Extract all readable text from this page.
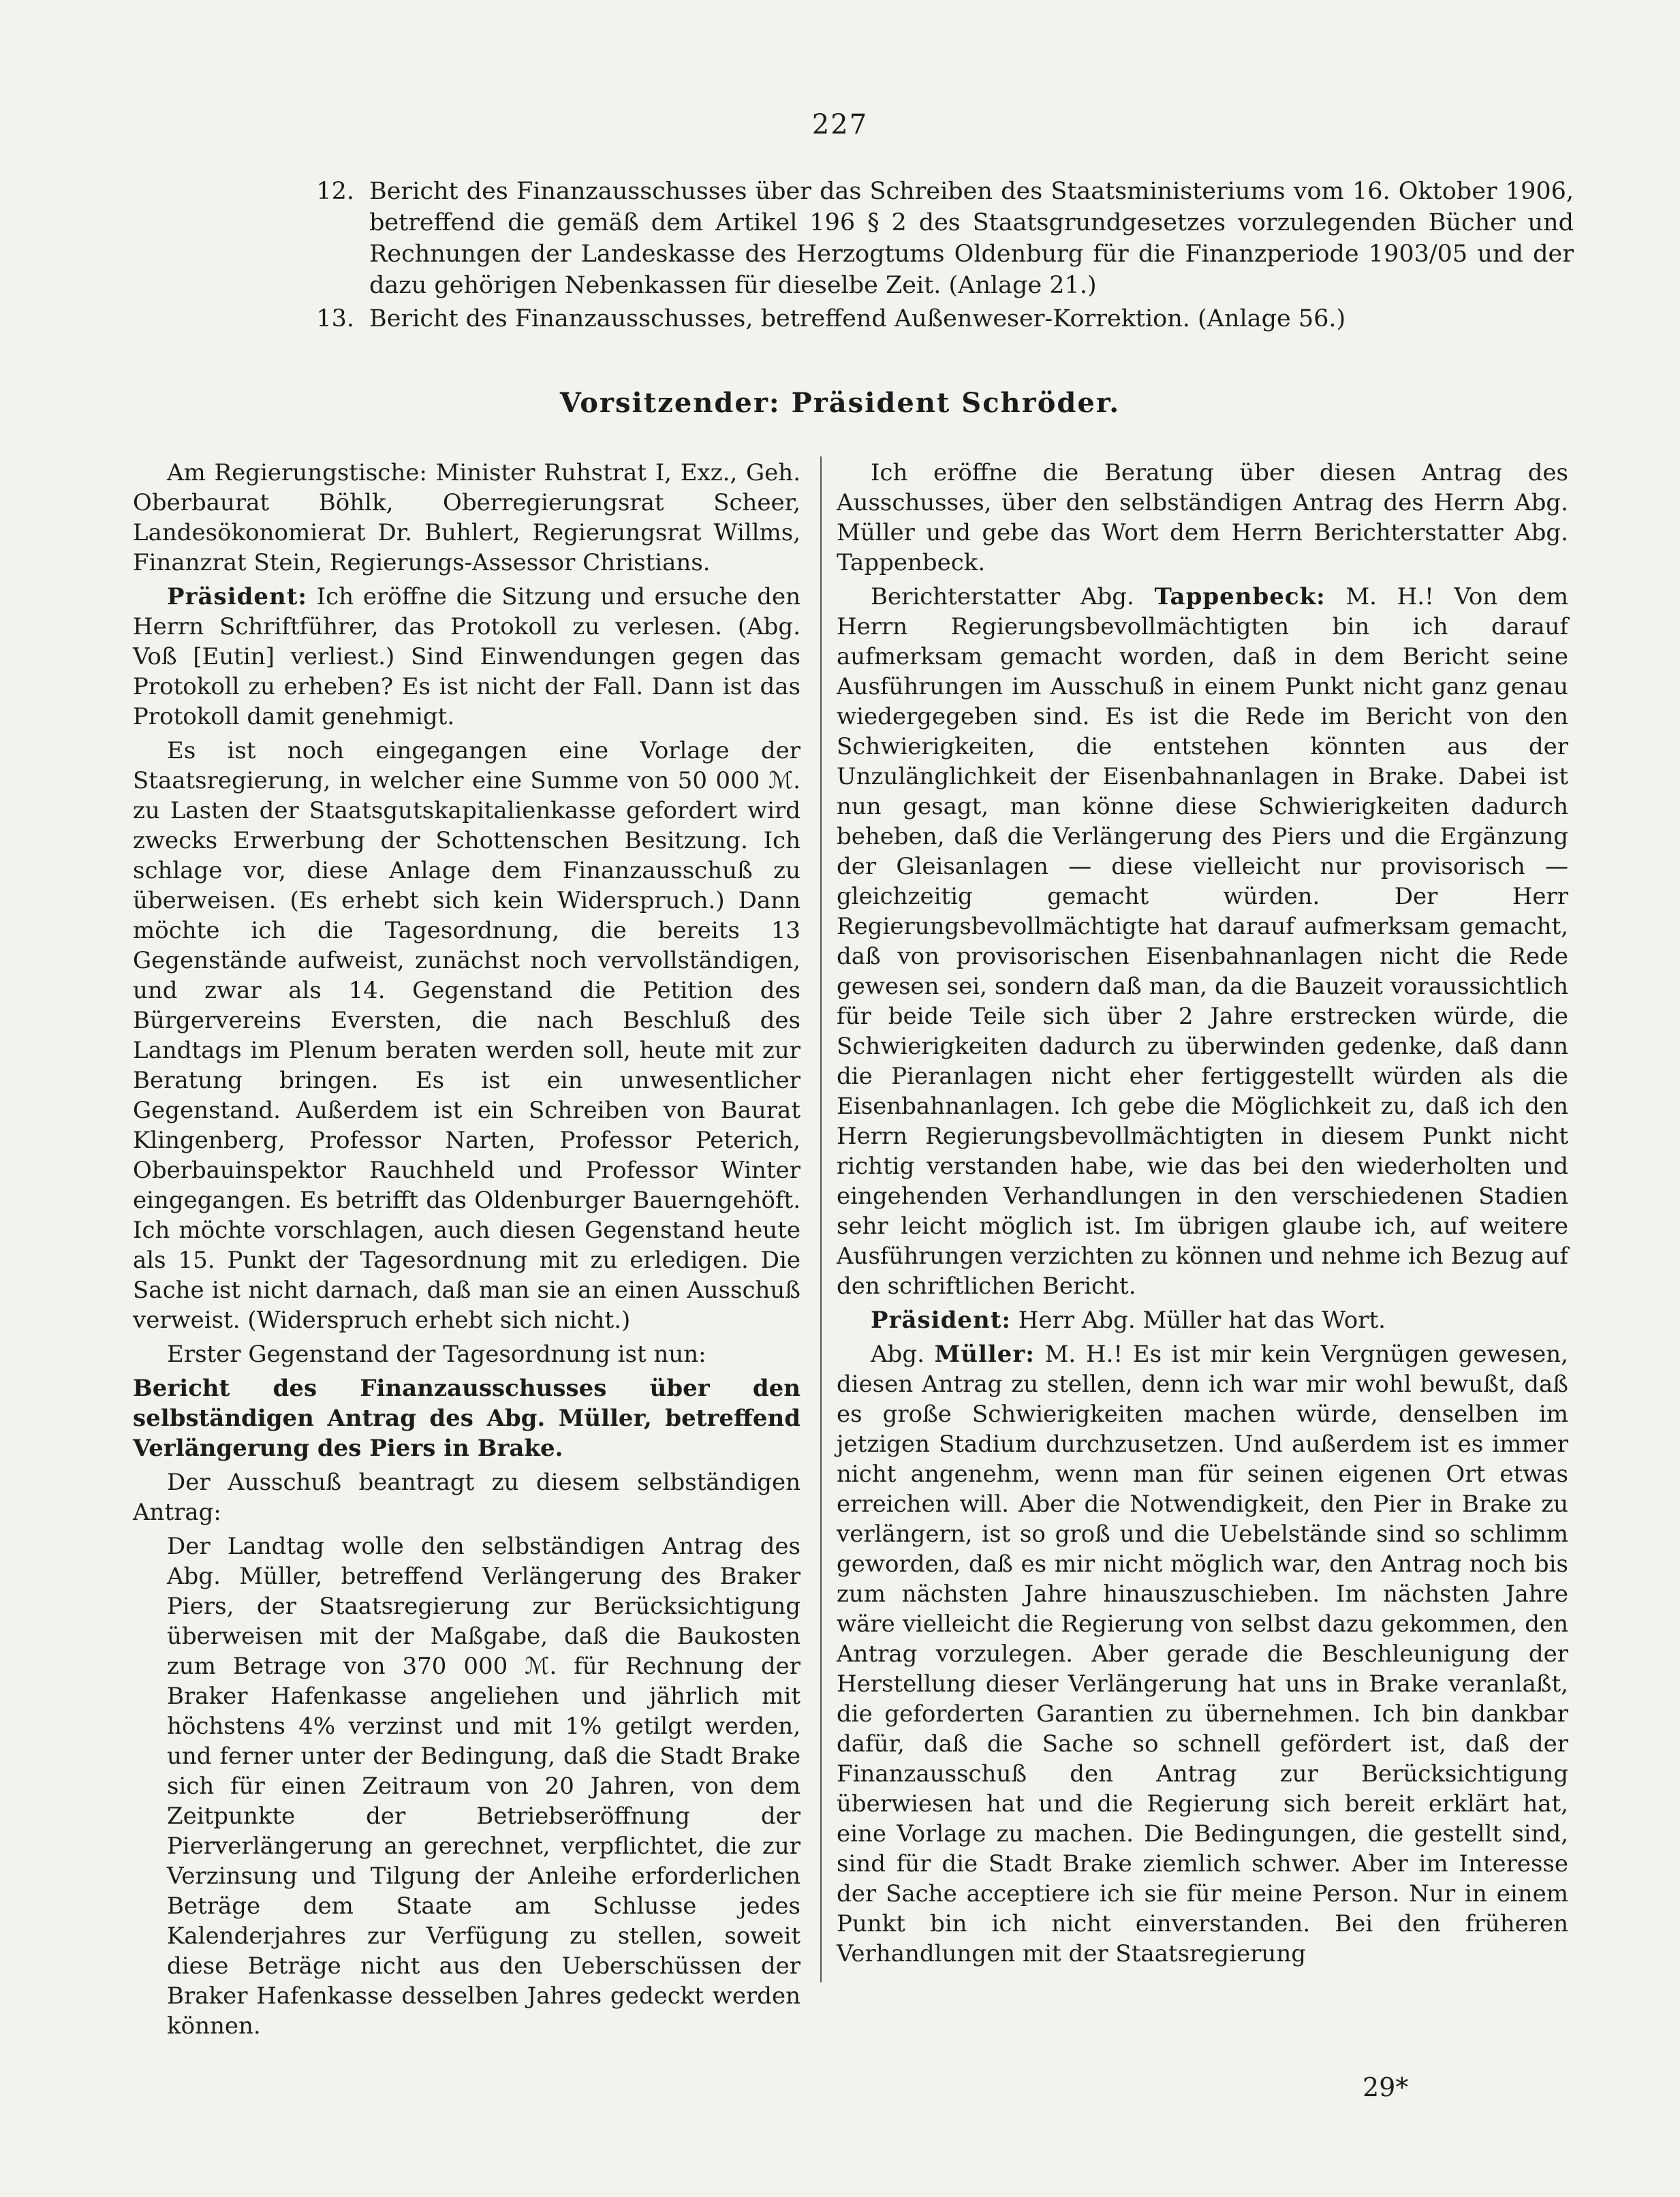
227
12. Bericht des Finanzausschusses über das Schreiben des Staatsministeriums vom 16. Oktober 1906, betreffend die gemäß dem Artikel 196 § 2 des Staatsgrundgesetzes vorzulegenden Bücher und Rechnungen der Landeskasse des Herzogtums Oldenburg für die Finanzperiode 1903/05 und der dazu gehörigen Nebenkassen für dieselbe Zeit. (Anlage 21.)
13. Bericht des Finanzausschusses, betreffend Außenweser-Korrektion. (Anlage 56.)
Vorsitzender: Präsident Schröder.

Am Regierungstische: Minister Ruhstrat I, Exz., Geh. Oberbaurat Böhlk, Oberregierungsrat Scheer, Landesökonomierat Dr. Buhlert, Regierungsrat Willms, Finanzrat Stein, Regierungs-Assessor Christians.

Präsident: Ich eröffne die Sitzung und ersuche den Herrn Schriftführer, das Protokoll zu verlesen. (Abg. Voß [Eutin] verliest.) Sind Einwendungen gegen das Protokoll zu erheben? Es ist nicht der Fall. Dann ist das Protokoll damit genehmigt.

Es ist noch eingegangen eine Vorlage der Staatsregierung, in welcher eine Summe von 50 000 ℳ. zu Lasten der Staatsgutskapitalienkasse gefordert wird zwecks Erwerbung der Schottenschen Besitzung. Ich schlage vor, diese Anlage dem Finanzausschuß zu überweisen. (Es erhebt sich kein Widerspruch.) Dann möchte ich die Tagesordnung, die bereits 13 Gegenstände aufweist, zunächst noch vervollständigen, und zwar als 14. Gegenstand die Petition des Bürgervereins Eversten, die nach Beschluß des Landtags im Plenum beraten werden soll, heute mit zur Beratung bringen. Es ist ein unwesentlicher Gegenstand. Außerdem ist ein Schreiben von Baurat Klingenberg, Professor Narten, Professor Peterich, Oberbauinspektor Rauchheld und Professor Winter eingegangen. Es betrifft das Oldenburger Bauerngehöft. Ich möchte vorschlagen, auch diesen Gegenstand heute als 15. Punkt der Tagesordnung mit zu erledigen. Die Sache ist nicht darnach, daß man sie an einen Ausschuß verweist. (Widerspruch erhebt sich nicht.)

Erster Gegenstand der Tagesordnung ist nun:

Bericht des Finanzausschusses über den selbständigen Antrag des Abg. Müller, betreffend Verlängerung des Piers in Brake.

Der Ausschuß beantragt zu diesem selbständigen Antrag:

Der Landtag wolle den selbständigen Antrag des Abg. Müller, betreffend Verlängerung des Braker Piers, der Staatsregierung zur Berücksichtigung überweisen mit der Maßgabe, daß die Baukosten zum Betrage von 370 000 ℳ. für Rechnung der Braker Hafenkasse angeliehen und jährlich mit höchstens 4% verzinst und mit 1% getilgt werden, und ferner unter der Bedingung, daß die Stadt Brake sich für einen Zeitraum von 20 Jahren, von dem Zeitpunkte der Betriebseröffnung der Pierverlängerung an gerechnet, verpflichtet, die zur Verzinsung und Tilgung der Anleihe erforderlichen Beträge dem Staate am Schlusse jedes Kalenderjahres zur Verfügung zu stellen, soweit diese Beträge nicht aus den Ueberschüssen der Braker Hafenkasse desselben Jahres gedeckt werden können.

Ich eröffne die Beratung über diesen Antrag des Ausschusses, über den selbständigen Antrag des Herrn Abg. Müller und gebe das Wort dem Herrn Berichterstatter Abg. Tappenbeck.

Berichterstatter Abg. Tappenbeck: M. H.! Von dem Herrn Regierungsbevollmächtigten bin ich darauf aufmerksam gemacht worden, daß in dem Bericht seine Ausführungen im Ausschuß in einem Punkt nicht ganz genau wiedergegeben sind. Es ist die Rede im Bericht von den Schwierigkeiten, die entstehen könnten aus der Unzulänglichkeit der Eisenbahnanlagen in Brake. Dabei ist nun gesagt, man könne diese Schwierigkeiten dadurch beheben, daß die Verlängerung des Piers und die Ergänzung der Gleisanlagen — diese vielleicht nur provisorisch — gleichzeitig gemacht würden. Der Herr Regierungsbevollmächtigte hat darauf aufmerksam gemacht, daß von provisorischen Eisenbahnanlagen nicht die Rede gewesen sei, sondern daß man, da die Bauzeit voraussichtlich für beide Teile sich über 2 Jahre erstrecken würde, die Schwierigkeiten dadurch zu überwinden gedenke, daß dann die Pieranlagen nicht eher fertiggestellt würden als die Eisenbahnanlagen. Ich gebe die Möglichkeit zu, daß ich den Herrn Regierungsbevollmächtigten in diesem Punkt nicht richtig verstanden habe, wie das bei den wiederholten und eingehenden Verhandlungen in den verschiedenen Stadien sehr leicht möglich ist. Im übrigen glaube ich, auf weitere Ausführungen verzichten zu können und nehme ich Bezug auf den schriftlichen Bericht.

Präsident: Herr Abg. Müller hat das Wort.

Abg. Müller: M. H.! Es ist mir kein Vergnügen gewesen, diesen Antrag zu stellen, denn ich war mir wohl bewußt, daß es große Schwierigkeiten machen würde, denselben im jetzigen Stadium durchzusetzen. Und außerdem ist es immer nicht angenehm, wenn man für seinen eigenen Ort etwas erreichen will. Aber die Notwendigkeit, den Pier in Brake zu verlängern, ist so groß und die Uebelstände sind so schlimm geworden, daß es mir nicht möglich war, den Antrag noch bis zum nächsten Jahre hinauszuschieben. Im nächsten Jahre wäre vielleicht die Regierung von selbst dazu gekommen, den Antrag vorzulegen. Aber gerade die Beschleunigung der Herstellung dieser Verlängerung hat uns in Brake veranlaßt, die geforderten Garantien zu übernehmen. Ich bin dankbar dafür, daß die Sache so schnell gefördert ist, daß der Finanzausschuß den Antrag zur Berücksichtigung überwiesen hat und die Regierung sich bereit erklärt hat, eine Vorlage zu machen. Die Bedingungen, die gestellt sind, sind für die Stadt Brake ziemlich schwer. Aber im Interesse der Sache acceptiere ich sie für meine Person. Nur in einem Punkt bin ich nicht einverstanden. Bei den früheren Verhandlungen mit der Staatsregierung

29*
